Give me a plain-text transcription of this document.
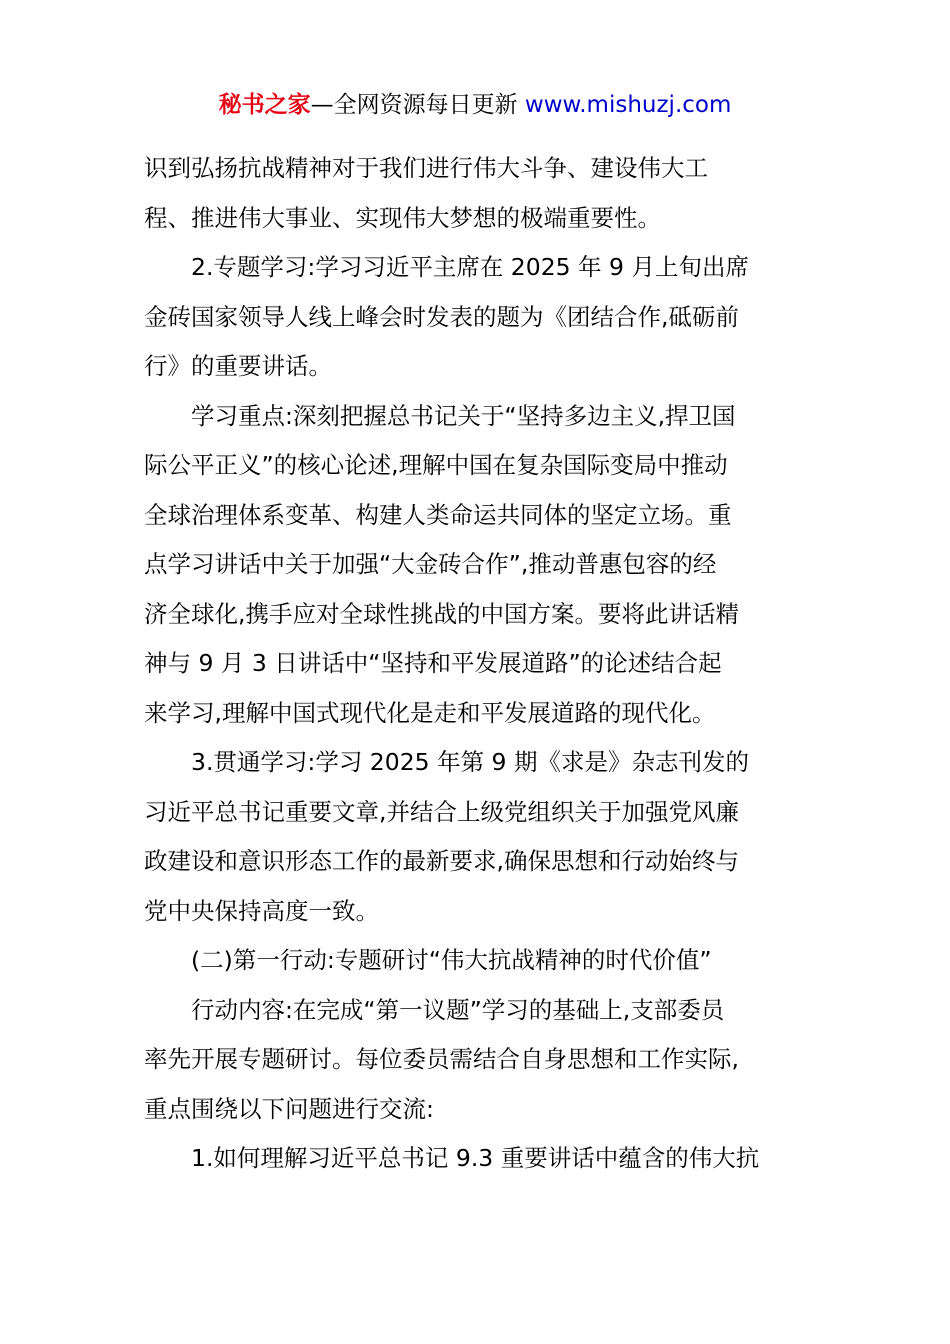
秘书之家—全网资源每日更新 www.mishuzj.com

识到弘扬抗战精神对于我们进行伟大斗争、建设伟大工
程、推进伟大事业、实现伟大梦想的极端重要性。

2.专题学习:学习习近平主席在 2025 年 9 月上旬出席
金砖国家领导人线上峰会时发表的题为《团结合作,砥砺前
行》的重要讲话。

学习重点:深刻把握总书记关于“坚持多边主义,捍卫国
际公平正义”的核心论述,理解中国在复杂国际变局中推动
全球治理体系变革、构建人类命运共同体的坚定立场。重
点学习讲话中关于加强“大金砖合作”,推动普惠包容的经
济全球化,携手应对全球性挑战的中国方案。要将此讲话精
神与 9 月 3 日讲话中“坚持和平发展道路”的论述结合起
来学习,理解中国式现代化是走和平发展道路的现代化。

3.贯通学习:学习 2025 年第 9 期《求是》杂志刊发的
习近平总书记重要文章,并结合上级党组织关于加强党风廉
政建设和意识形态工作的最新要求,确保思想和行动始终与
党中央保持高度一致。

(二)第一行动:专题研讨“伟大抗战精神的时代价值”

行动内容:在完成“第一议题”学习的基础上,支部委员
率先开展专题研讨。每位委员需结合自身思想和工作实际,
重点围绕以下问题进行交流:

1.如何理解习近平总书记 9.3 重要讲话中蕴含的伟大抗
